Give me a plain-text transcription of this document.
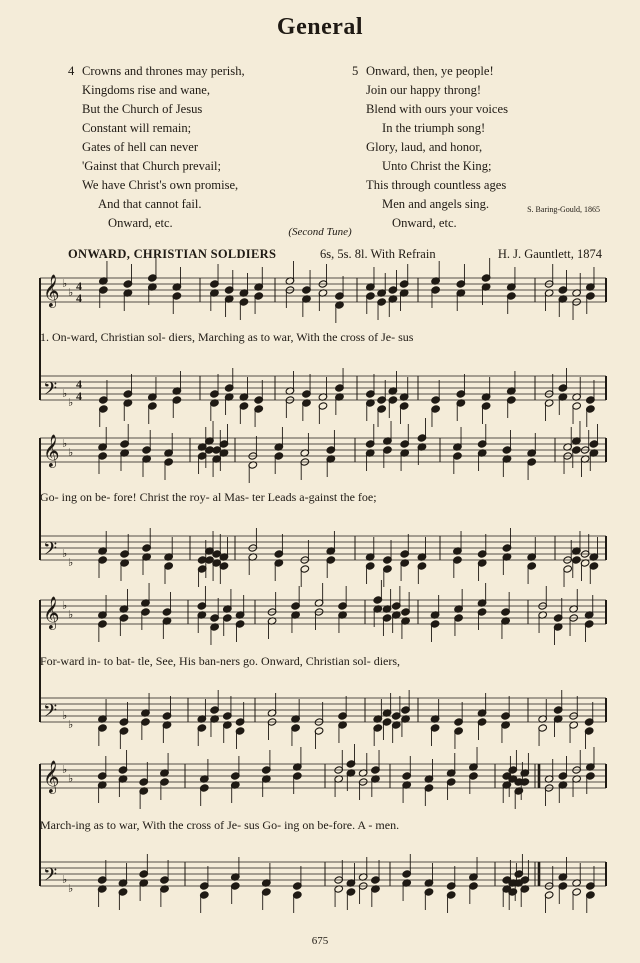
General
4 Crowns and thrones may perish,
Kingdoms rise and wane,
But the Church of Jesus
Constant will remain;
Gates of hell can never
'Gainst that Church prevail;
We have Christ's own promise,
And that cannot fail.
Onward, etc.
5 Onward, then, ye people!
Join our happy throng!
Blend with ours your voices
In the triumph song!
Glory, laud, and honor,
Unto Christ the King;
This through countless ages
Men and angels sing.
Onward, etc.
S. Baring-Gould, 1865
(Second Tune)
ONWARD, CHRISTIAN SOLDIERS	6s, 5s. 8l. With Refrain	H. J. Gauntlett, 1874
𝄞 ♭
♭ 4
4
𝄢 ♭
♭
4
4
𝄞 ♭
♭
𝄢 ♭
♭
𝄞 ♭
♭
𝄢 ♭
♭
𝄞 ♭
♭
𝄢 ♭
♭
1. On-ward, Christian sol- diers, Marching as to war, With the cross of Je- sus
Go- ing on be- fore! Christ the roy- al Mas- ter Leads a-gainst the foe;
For-ward in- to bat- tle, See, His ban-ners go. Onward, Christian sol- diers,
March-ing as to war, With the cross of Je- sus Go- ing on be-fore. A - men.
675
